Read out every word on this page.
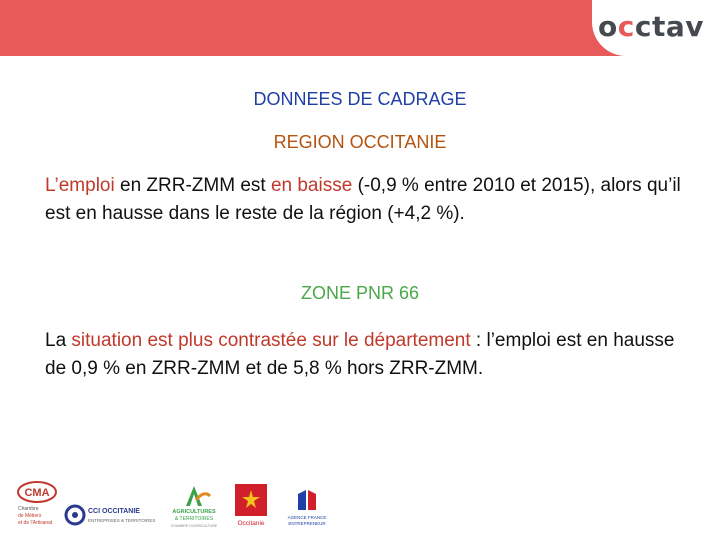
occtav
DONNEES DE CADRAGE
REGION OCCITANIE
L’emploi en ZRR-ZMM est en baisse (-0,9 % entre 2010 et 2015), alors qu’il est en hausse dans le reste de la région (+4,2 %).
ZONE PNR 66
La situation est plus contrastée sur le département : l’emploi est en hausse de 0,9 % en ZRR-ZMM et de 5,8 % hors ZRR-ZMM.
CMA
Chambre
de Métiers
et de l'Artisanat
CCI OCCITANIE
ENTREPRISES & TERRITOIRES
AGRICULTURES
& TERRITOIRES
CHAMBRE D'AGRICULTURE	Occitanie
AGENCE FRANCE
ENTREPRENEUR
